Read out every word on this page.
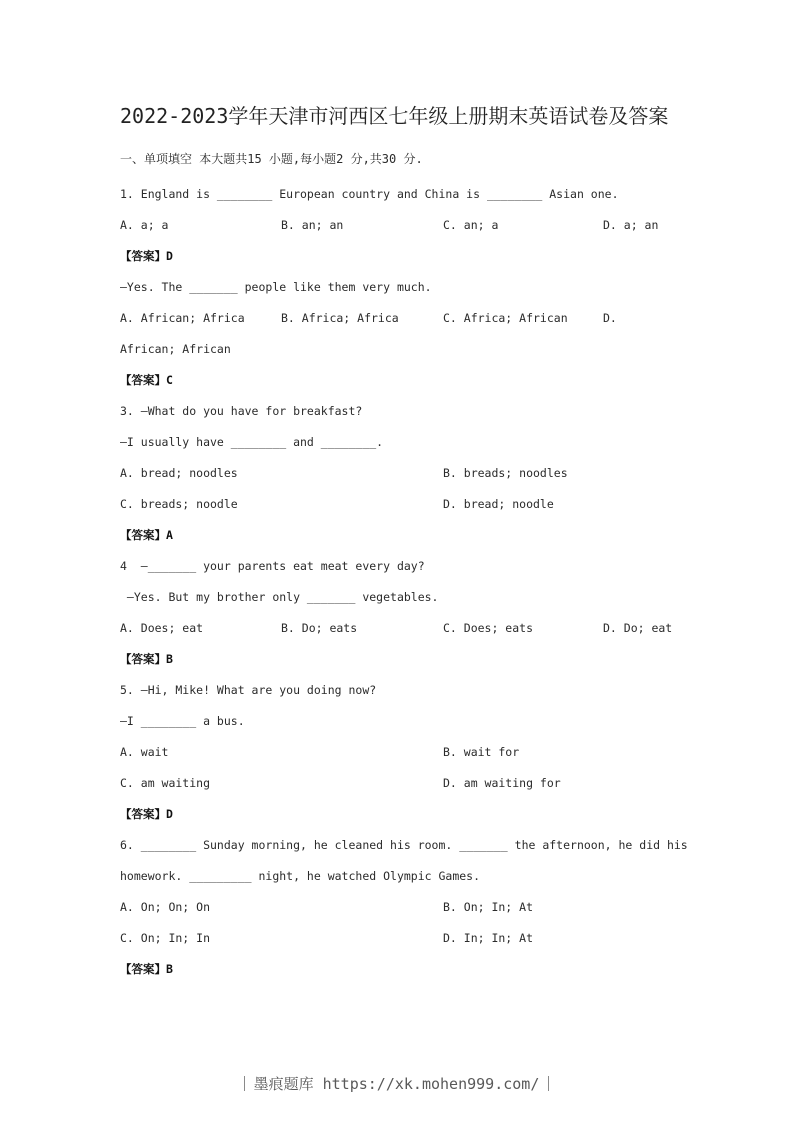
2022-2023学年天津市河西区七年级上册期末英语试卷及答案
一、单项填空 本大题共15 小题,每小题2 分,共30 分.
1. England is ________ European country and China is ________ Asian one.
A. a; a	B. an; an	C. an; a	D. a; an
【答案】D
—Yes. The _______ people like them very much.
A. African; Africa	B. Africa; Africa	C. Africa; African	D.
African; African
【答案】C
3. —What do you have for breakfast?
—I usually have ________ and ________.
A. bread; noodles	B. breads; noodles
C. breads; noodle	D. bread; noodle
【答案】A
4  —_______ your parents eat meat every day?
—Yes. But my brother only _______ vegetables.
A. Does; eat	B. Do; eats	C. Does; eats	D. Do; eat
【答案】B
5. —Hi, Mike! What are you doing now?
—I ________ a bus.
A. wait	B. wait for
C. am waiting	D. am waiting for
【答案】D
6. ________ Sunday morning, he cleaned his room. _______ the afternoon, he did his
homework. _________ night, he watched Olympic Games.
A. On; On; On	B. On; In; At
C. On; In; In	D. In; In; At
【答案】B
墨痕题库 https://xk.mohen999.com/
